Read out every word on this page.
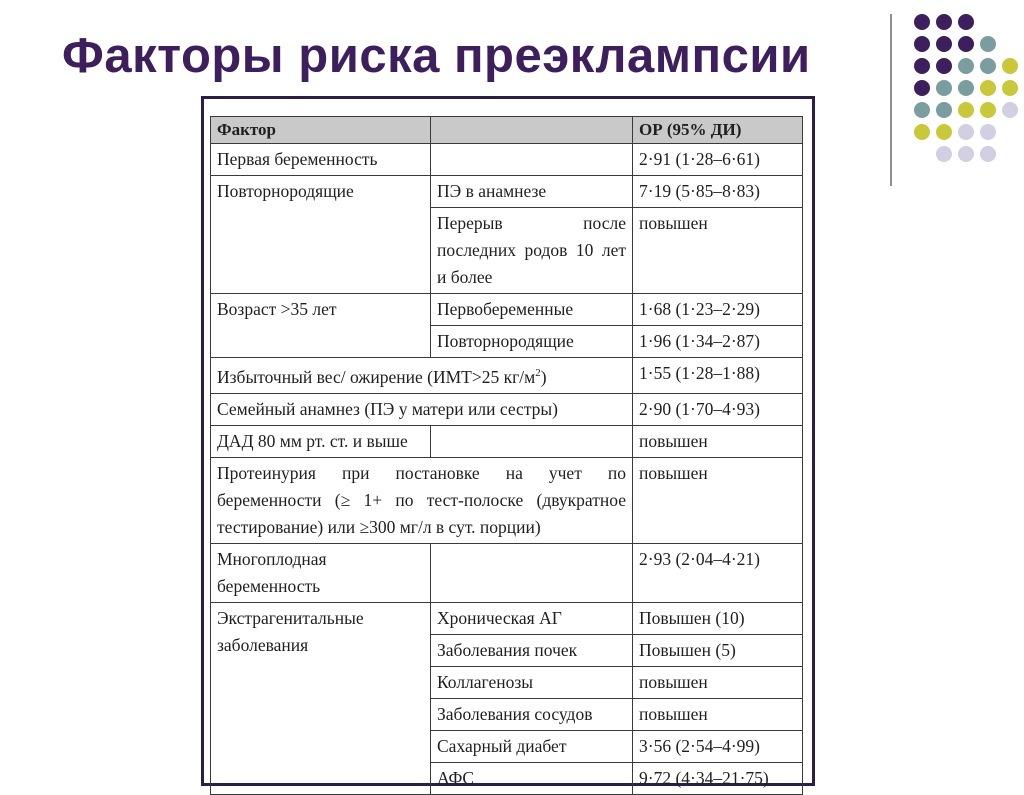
Факторы риска преэклампсии
Фактор		ОР (95% ДИ)
Первая беременность		2·91 (1·28–6·61)
Повторнородящие	ПЭ в анамнезе	7·19 (5·85–8·83)
	Перерыв после последних родов 10 лет и более	повышен
Возраст >35 лет	Первобеременные	1·68 (1·23–2·29)
	Повторнородящие	1·96 (1·34–2·87)
Избыточный вес/ ожирение (ИМТ>25 $кг/м^2$)		1·55 (1·28–1·88)
Семейный анамнез (ПЭ у матери или сестры)		2·90 (1·70–4·93)
ДАД 80 мм рт. ст. и выше		повышен
Протеинурия при постановке на учет по беременности (≥ 1+ по тест-полоске (двукратное тестирование) или ≥300 мг/л в сут. порции)		повышен
Многоплодная беременность		2·93 (2·04–4·21)
Экстрагенитальные заболевания	Хроническая АГ	Повышен (10)
	Заболевания почек	Повышен (5)
	Коллагенозы	повышен
	Заболевания сосудов	повышен
	Сахарный диабет	3·56 (2·54–4·99)
	АФС	9·72 (4·34–21·75)
